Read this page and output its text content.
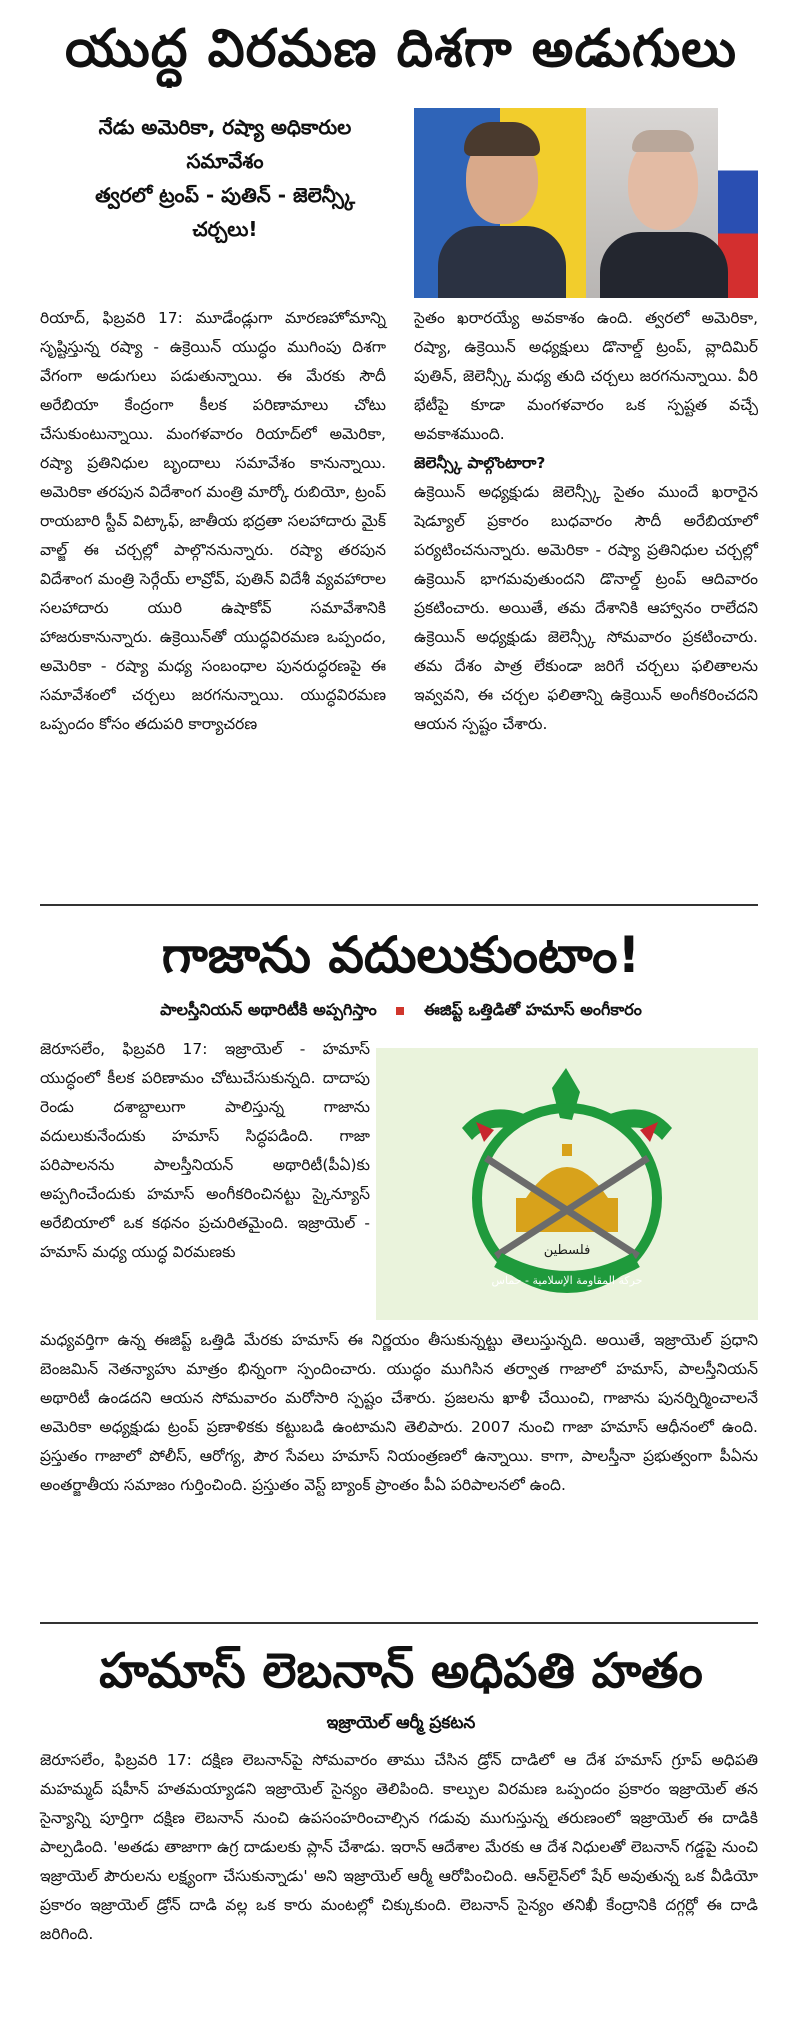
యుద్ధ విరమణ దిశగా అడుగులు

నేడు అమెరికా, రష్యా అధికారుల సమావేశం

త్వరలో ట్రంప్ - పుతిన్ - జెలెన్స్కీ చర్చలు!

రియాద్, ఫిబ్రవరి 17: మూడేండ్లుగా మారణహోమాన్ని సృష్టిస్తున్న రష్యా - ఉక్రెయిన్ యుద్ధం ముగింపు దిశగా వేగంగా అడుగులు పడుతున్నాయి. ఈ మేరకు సౌదీ అరేబియా కేంద్రంగా కీలక పరిణామాలు చోటు చేసుకుంటున్నాయి. మంగళవారం రియాద్‌లో అమెరికా, రష్యా ప్రతినిధుల బృందాలు సమావేశం కానున్నాయి. అమెరికా తరపున విదేశాంగ మంత్రి మార్కో రుబియో, ట్రంప్ రాయబారి స్టీవ్ విట్కాఫ్, జాతీయ భద్రతా సలహాదారు మైక్ వాల్జ్ ఈ చర్చల్లో పాల్గొననున్నారు. రష్యా తరపున విదేశాంగ మంత్రి సెర్గేయ్ లావ్రోవ్, పుతిన్ విదేశీ వ్యవహారాల సలహాదారు యురి ఉషాకోవ్ సమావేశానికి హాజరుకానున్నారు. ఉక్రెయిన్‌తో యుద్ధవిరమణ ఒప్పందం, అమెరికా - రష్యా మధ్య సంబంధాల పునరుద్ధరణపై ఈ సమావేశంలో చర్చలు జరగనున్నాయి. యుద్ధవిరమణ ఒప్పందం కోసం తదుపరి కార్యాచరణ

సైతం ఖరారయ్యే అవకాశం ఉంది. త్వరలో అమెరికా, రష్యా, ఉక్రెయిన్ అధ్యక్షులు డొనాల్డ్ ట్రంప్, వ్లాదిమిర్ పుతిన్, జెలెన్స్కీ మధ్య తుది చర్చలు జరగనున్నాయి. వీరి భేటీపై కూడా మంగళవారం ఒక స్పష్టత వచ్చే అవకాశముంది.

జెలెన్స్కీ పాల్గొంటారా?

ఉక్రెయిన్ అధ్యక్షుడు జెలెన్స్కీ సైతం ముందే ఖరారైన షెడ్యూల్ ప్రకారం బుధవారం సౌదీ అరేబియాలో పర్యటించనున్నారు. అమెరికా - రష్యా ప్రతినిధుల చర్చల్లో ఉక్రెయిన్ భాగమవుతుందని డొనాల్డ్ ట్రంప్ ఆదివారం ప్రకటించారు. అయితే, తమ దేశానికి ఆహ్వానం రాలేదని ఉక్రెయిన్ అధ్యక్షుడు జెలెన్స్కీ సోమవారం ప్రకటించారు. తమ దేశం పాత్ర లేకుండా జరిగే చర్చలు ఫలితాలను ఇవ్వవని, ఈ చర్చల ఫలితాన్ని ఉక్రెయిన్ అంగీకరించదని ఆయన స్పష్టం చేశారు.

గాజాను వదులుకుంటాం!
పాలస్తీనియన్ అథారిటీకి అప్పగిస్తాం	ఈజిప్ట్ ఒత్తిడితో హమాస్ అంగీకారం

జెరూసలేం, ఫిబ్రవరి 17: ఇజ్రాయెల్ - హమాస్ యుద్ధంలో కీలక పరిణామం చోటుచేసుకున్నది. దాదాపు రెండు దశాబ్దాలుగా పాలిస్తున్న గాజాను వదులుకునేందుకు హమాస్ సిద్ధపడింది. గాజా పరిపాలనను పాలస్తీనియన్ అథారిటీ(పీఏ)కు అప్పగించేందుకు హమాస్ అంగీకరించినట్టు స్కైన్యూస్ అరేబియాలో ఒక కథనం ప్రచురితమైంది. ఇజ్రాయెల్ - హమాస్ మధ్య యుద్ధ విరమణకు	فلسطين
حركة المقاومة الإسلامية - حماس

మధ్యవర్తిగా ఉన్న ఈజిప్ట్ ఒత్తిడి మేరకు హమాస్ ఈ నిర్ణయం తీసుకున్నట్టు తెలుస్తున్నది. అయితే, ఇజ్రాయెల్ ప్రధాని బెంజమిన్ నెతన్యాహు మాత్రం భిన్నంగా స్పందించారు. యుద్ధం ముగిసిన తర్వాత గాజాలో హమాస్, పాలస్తీనియన్ అథారిటీ ఉండదని ఆయన సోమవారం మరోసారి స్పష్టం చేశారు. ప్రజలను ఖాళీ చేయించి, గాజాను పునర్నిర్మించాలనే అమెరికా అధ్యక్షుడు ట్రంప్ ప్రణాళికకు కట్టుబడి ఉంటామని తెలిపారు. 2007 నుంచి గాజా హమాస్ ఆధీనంలో ఉంది. ప్రస్తుతం గాజాలో పోలీస్, ఆరోగ్య, పౌర సేవలు హమాస్ నియంత్రణలో ఉన్నాయి. కాగా, పాలస్తీనా ప్రభుత్వంగా పీఏను అంతర్జాతీయ సమాజం గుర్తించింది. ప్రస్తుతం వెస్ట్ బ్యాంక్ ప్రాంతం పీఏ పరిపాలనలో ఉంది.

హమాస్ లెబనాన్ అధిపతి హతం
ఇజ్రాయెల్ ఆర్మీ ప్రకటన

జెరూసలేం, ఫిబ్రవరి 17: దక్షిణ లెబనాన్‌పై సోమవారం తాము చేసిన డ్రోన్ దాడిలో ఆ దేశ హమాస్ గ్రూప్ అధిపతి మహమ్మద్ షహీన్ హతమయ్యాడని ఇజ్రాయెల్ సైన్యం తెలిపింది. కాల్పుల విరమణ ఒప్పందం ప్రకారం ఇజ్రాయెల్ తన సైన్యాన్ని పూర్తిగా దక్షిణ లెబనాన్ నుంచి ఉపసంహరించాల్సిన గడువు ముగుస్తున్న తరుణంలో ఇజ్రాయెల్ ఈ దాడికి పాల్పడింది. 'అతడు తాజాగా ఉగ్ర దాడులకు ప్లాన్ చేశాడు. ఇరాన్ ఆదేశాల మేరకు ఆ దేశ నిధులతో లెబనాన్ గడ్డపై నుంచి ఇజ్రాయెల్ పౌరులను లక్ష్యంగా చేసుకున్నాడు' అని ఇజ్రాయెల్ ఆర్మీ ఆరోపించింది. ఆన్‌లైన్‌లో షేర్ అవుతున్న ఒక వీడియో ప్రకారం ఇజ్రాయెల్ డ్రోన్ దాడి వల్ల ఒక కారు మంటల్లో చిక్కుకుంది. లెబనాన్ సైన్యం తనిఖీ కేంద్రానికి దగ్గర్లో ఈ దాడి జరిగింది.
